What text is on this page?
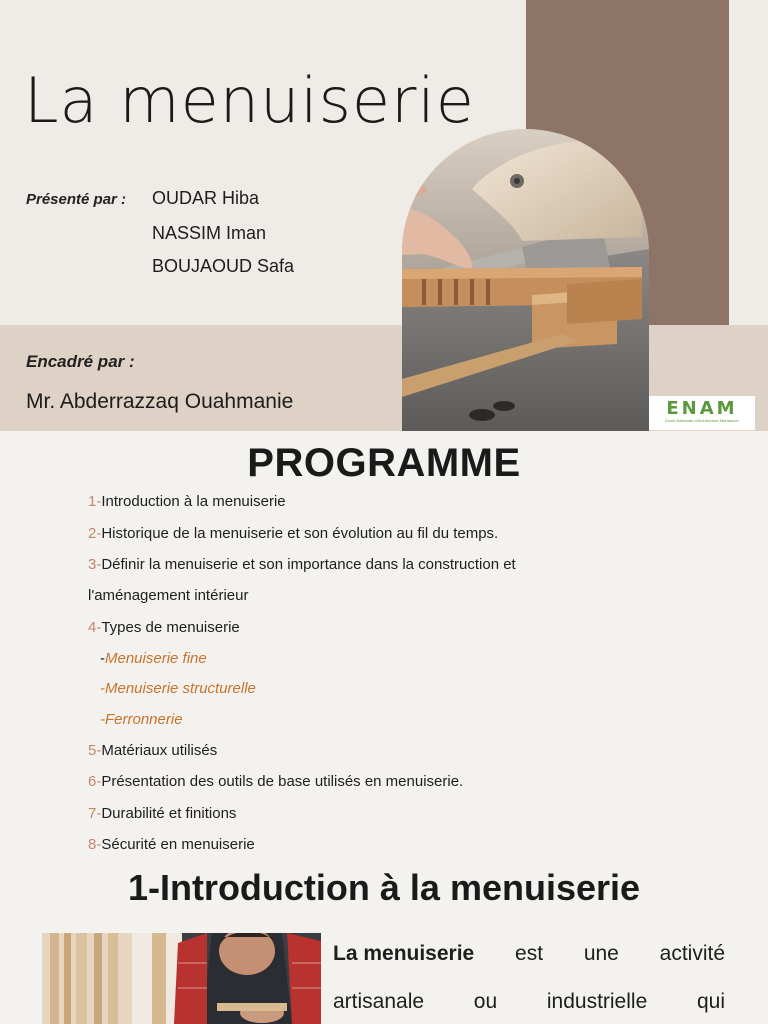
La menuiserie
Présenté par : OUDAR Hiba
NASSIM Iman
BOUJAOUD Safa
Encadré par :
Mr. Abderrazzaq Ouahmanie	ENAM
Ecole Nationale d'Architecture Marrakech
PROGRAMME
1-Introduction à la menuiserie
2-Historique de la menuiserie et son évolution au fil du temps.
3-Définir la menuiserie et son importance dans la construction et
l'aménagement intérieur
4-Types de menuiserie
-Menuiserie fine
-Menuiserie structurelle
-Ferronnerie
5-Matériaux utilisés
6-Présentation des outils de base utilisés en menuiserie.
7-Durabilité et finitions
8-Sécurité en menuiserie
1-Introduction à la menuiserie
La menuiserie est une activité
artisanale ou industrielle qui
